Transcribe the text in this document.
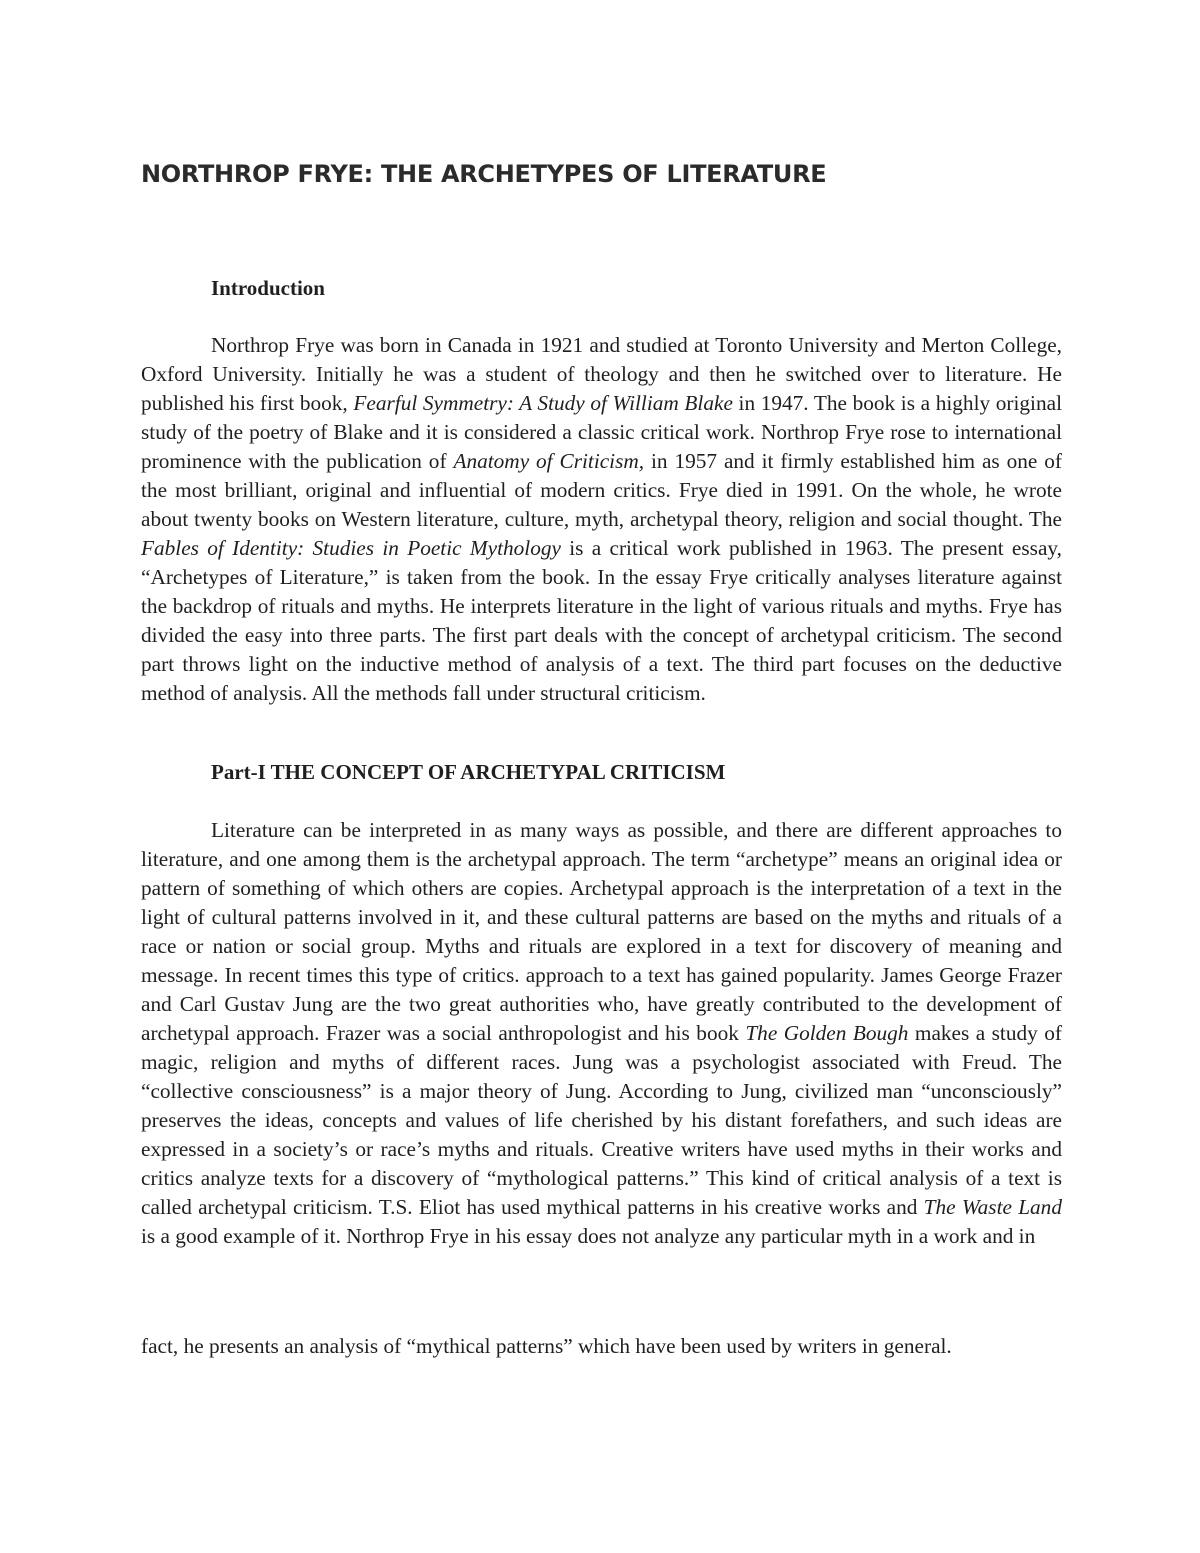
NORTHROP FRYE: THE ARCHETYPES OF LITERATURE
Introduction

Northrop Frye was born in Canada in 1921 and studied at Toronto University and Merton College, Oxford University. Initially he was a student of theology and then he switched over to literature. He published his first book, Fearful Symmetry: A Study of William Blake in 1947. The book is a highly original study of the poetry of Blake and it is considered a classic critical work. Northrop Frye rose to international prominence with the publication of Anatomy of Criticism, in 1957 and it firmly established him as one of the most brilliant, original and influential of modern critics. Frye died in 1991. On the whole, he wrote about twenty books on Western literature, culture, myth, archetypal theory, religion and social thought. The Fables of Identity: Studies in Poetic Mythology is a critical work published in 1963. The present essay, “Archetypes of Literature,” is taken from the book. In the essay Frye critically analyses literature against the backdrop of rituals and myths. He interprets literature in the light of various rituals and myths. Frye has divided the easy into three parts. The first part deals with the concept of archetypal criticism. The second part throws light on the inductive method of analysis of a text. The third part focuses on the deductive method of analysis. All the methods fall under structural criticism.

Part-I THE CONCEPT OF ARCHETYPAL CRITICISM

Literature can be interpreted in as many ways as possible, and there are different approaches to literature, and one among them is the archetypal approach. The term “archetype” means an original idea or pattern of something of which others are copies. Archetypal approach is the interpretation of a text in the light of cultural patterns involved in it, and these cultural patterns are based on the myths and rituals of a race or nation or social group. Myths and rituals are explored in a text for discovery of meaning and message. In recent times this type of critics. approach to a text has gained popularity. James George Frazer and Carl Gustav Jung are the two great authorities who, have greatly contributed to the development of archetypal approach. Frazer was a social anthropologist and his book The Golden Bough makes a study of magic, religion and myths of different races. Jung was a psychologist associated with Freud. The “collective consciousness” is a major theory of Jung. According to Jung, civilized man “unconsciously” preserves the ideas, concepts and values of life cherished by his distant forefathers, and such ideas are expressed in a society’s or race’s myths and rituals. Creative writers have used myths in their works and critics analyze texts for a discovery of “mythological patterns.” This kind of critical analysis of a text is called archetypal criticism. T.S. Eliot has used mythical patterns in his creative works and The Waste Land is a good example of it. Northrop Frye in his essay does not analyze any particular myth in a work and in

fact, he presents an analysis of “mythical patterns” which have been used by writers in general.
